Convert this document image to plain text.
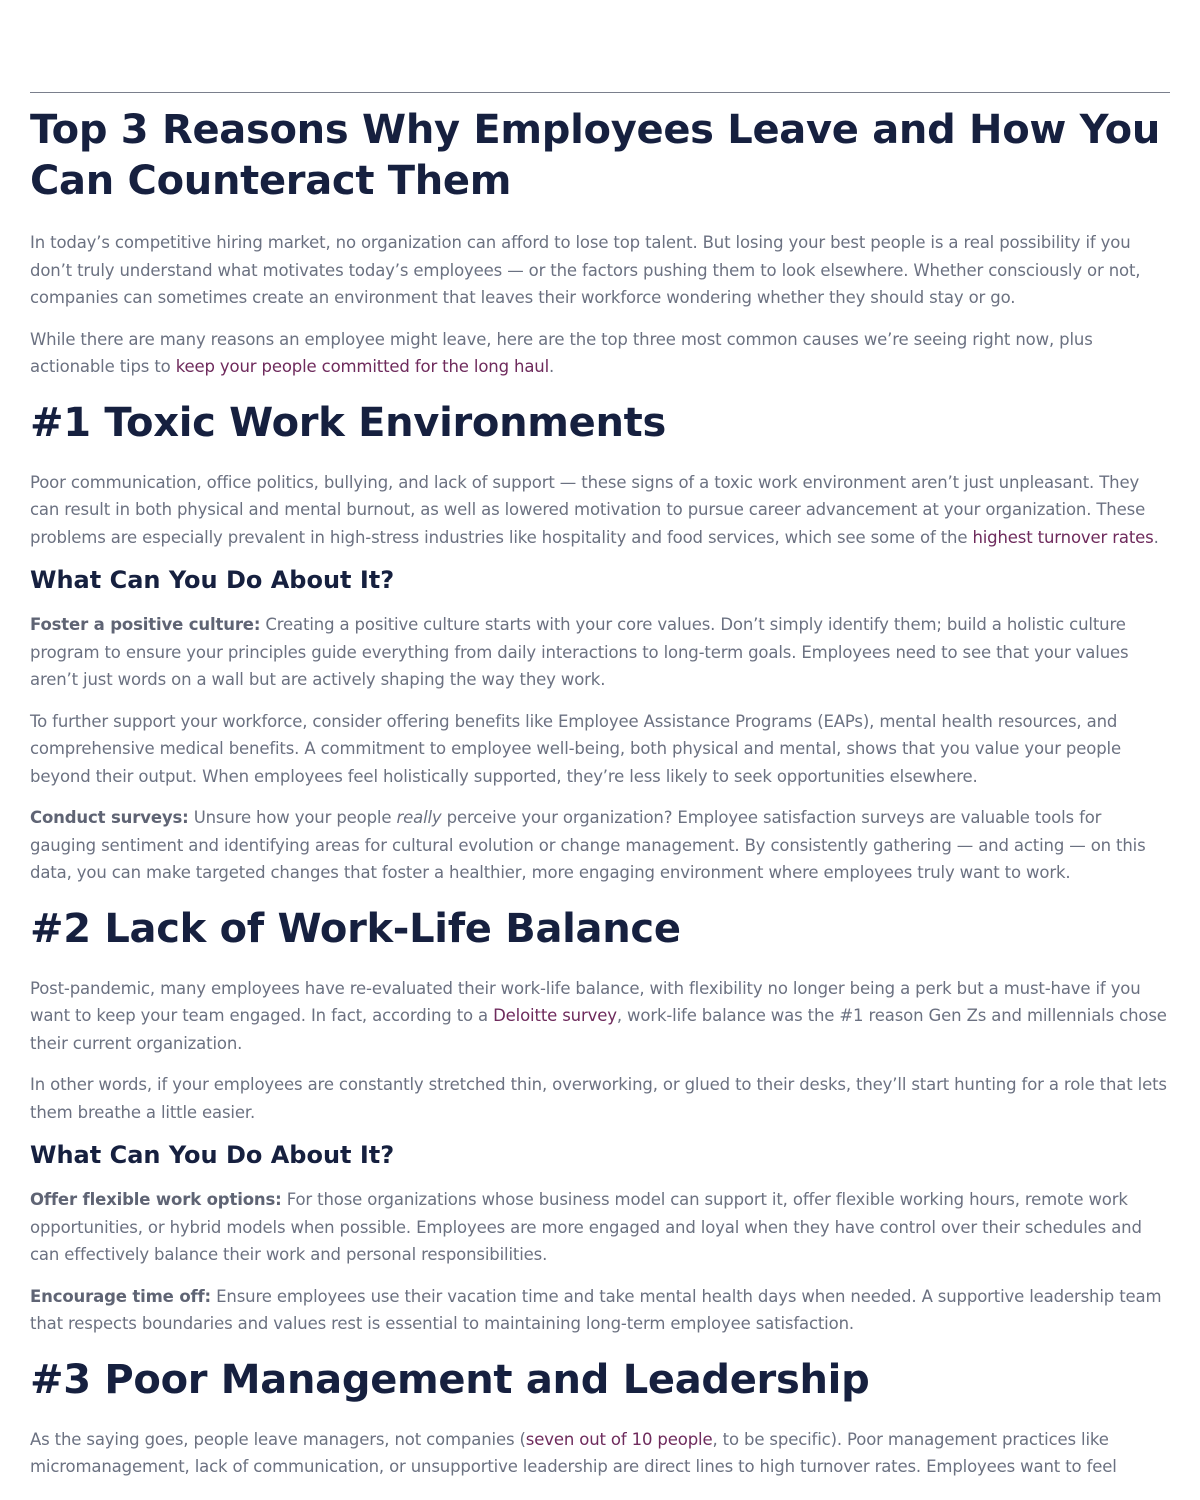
Top 3 Reasons Why Employees Leave and How You Can Counteract Them

In today’s competitive hiring market, no organization can afford to lose top talent. But losing your best people is a real possibility if you don’t truly understand what motivates today’s employees — or the factors pushing them to look elsewhere. Whether consciously or not, companies can sometimes create an environment that leaves their workforce wondering whether they should stay or go.

While there are many reasons an employee might leave, here are the top three most common causes we’re seeing right now, plus actionable tips to keep your people committed for the long haul.

#1 Toxic Work Environments

Poor communication, office politics, bullying, and lack of support — these signs of a toxic work environment aren’t just unpleasant. They can result in both physical and mental burnout, as well as lowered motivation to pursue career advancement at your organization. These problems are especially prevalent in high-stress industries like hospitality and food services, which see some of the highest turnover rates.

What Can You Do About It?

Foster a positive culture: Creating a positive culture starts with your core values. Don’t simply identify them; build a holistic culture program to ensure your principles guide everything from daily interactions to long-term goals. Employees need to see that your values aren’t just words on a wall but are actively shaping the way they work.

To further support your workforce, consider offering benefits like Employee Assistance Programs (EAPs), mental health resources, and comprehensive medical benefits. A commitment to employee well-being, both physical and mental, shows that you value your people beyond their output. When employees feel holistically supported, they’re less likely to seek opportunities elsewhere.

Conduct surveys: Unsure how your people really perceive your organization? Employee satisfaction surveys are valuable tools for gauging sentiment and identifying areas for cultural evolution or change management. By consistently gathering — and acting — on this data, you can make targeted changes that foster a healthier, more engaging environment where employees truly want to work.

#2 Lack of Work-Life Balance

Post-pandemic, many employees have re-evaluated their work-life balance, with flexibility no longer being a perk but a must-have if you want to keep your team engaged. In fact, according to a Deloitte survey, work-life balance was the #1 reason Gen Zs and millennials chose their current organization.

In other words, if your employees are constantly stretched thin, overworking, or glued to their desks, they’ll start hunting for a role that lets them breathe a little easier.

What Can You Do About It?

Offer flexible work options: For those organizations whose business model can support it, offer flexible working hours, remote work opportunities, or hybrid models when possible. Employees are more engaged and loyal when they have control over their schedules and can effectively balance their work and personal responsibilities.

Encourage time off: Ensure employees use their vacation time and take mental health days when needed. A supportive leadership team that respects boundaries and values rest is essential to maintaining long-term employee satisfaction.

#3 Poor Management and Leadership

As the saying goes, people leave managers, not companies (seven out of 10 people, to be specific). Poor management practices like micromanagement, lack of communication, or unsupportive leadership are direct lines to high turnover rates. Employees want to feel
